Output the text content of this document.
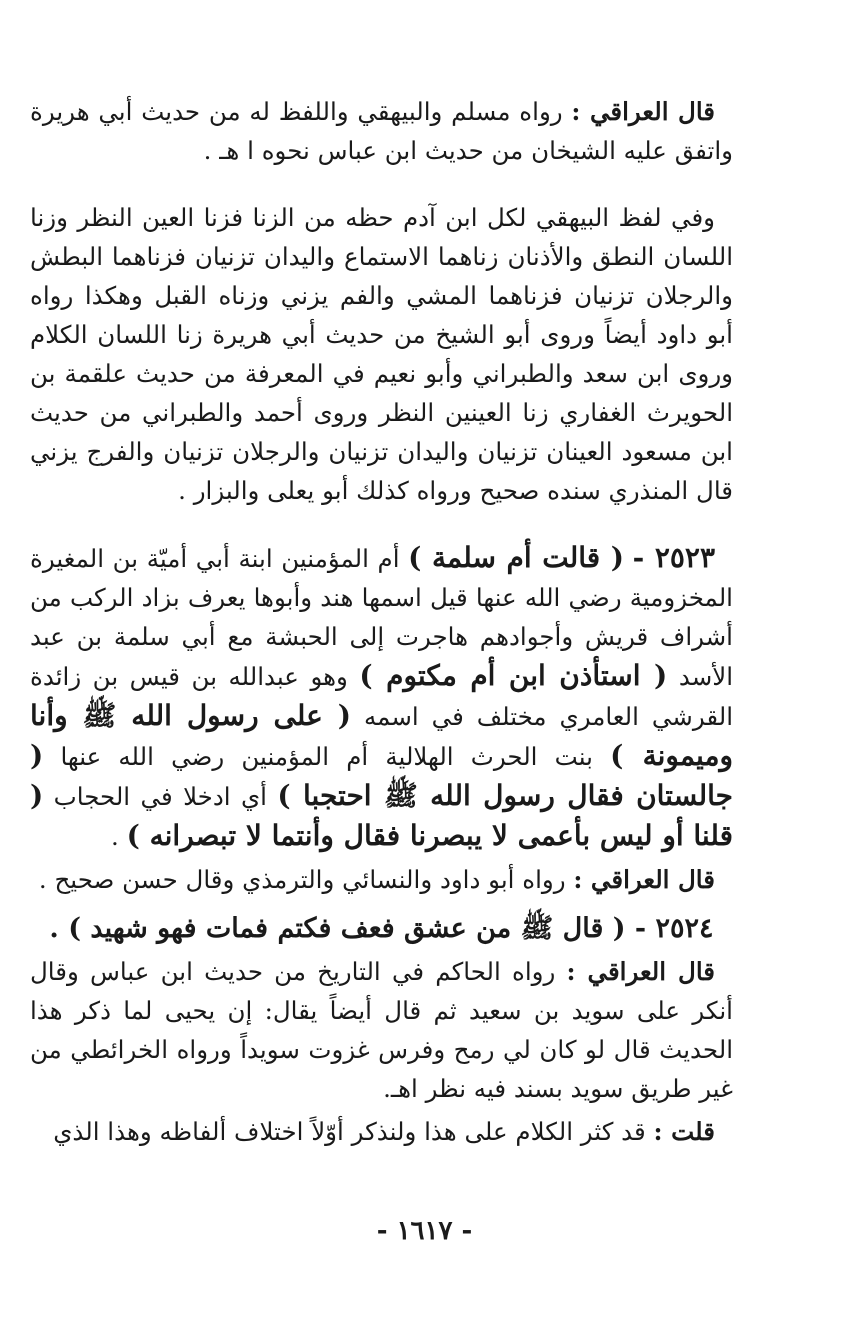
قال العراقي : رواه مسلم والبيهقي واللفظ له من حديث أبي هريرة واتفق عليه الشيخان من حديث ابن عباس نحوه ا هـ .

وفي لفظ البيهقي لكل ابن آدم حظه من الزنا فزنا العين النظر وزنا اللسان النطق والأذنان زناهما الاستماع واليدان تزنيان فزناهما البطش والرجلان تزنيان فزناهما المشي والفم يزني وزناه القبل وهكذا رواه أبو داود أيضاً وروى أبو الشيخ من حديث أبي هريرة زنا اللسان الكلام وروى ابن سعد والطبراني وأبو نعيم في المعرفة من حديث علقمة بن الحويرث الغفاري زنا العينين النظر وروى أحمد والطبراني من حديث ابن مسعود العينان تزنيان واليدان تزنيان والرجلان تزنيان والفرج يزني قال المنذري سنده صحيح ورواه كذلك أبو يعلى والبزار .

٢٥٢٣ - ( قالت أم سلمة ) أم المؤمنين ابنة أبي أميّة بن المغيرة المخزومية رضي الله عنها قيل اسمها هند وأبوها يعرف بزاد الركب من أشراف قريش وأجوادهم هاجرت إلى الحبشة مع أبي سلمة بن عبد الأسد ( استأذن ابن أم مكتوم ) وهو عبدالله بن قيس بن زائدة القرشي العامري مختلف في اسمه ( على رسول الله ﷺ وأنا وميمونة ) بنت الحرث الهلالية أم المؤمنين رضي الله عنها ( جالستان فقال رسول الله ﷺ احتجبا ) أي ادخلا في الحجاب ( قلنا أو ليس بأعمى لا يبصرنا فقال وأنتما لا تبصرانه ) .

قال العراقي : رواه أبو داود والنسائي والترمذي وقال حسن صحيح .

٢٥٢٤ - ( قال ﷺ من عشق فعف فكتم فمات فهو شهيد ) .

قال العراقي : رواه الحاكم في التاريخ من حديث ابن عباس وقال أنكر على سويد بن سعيد ثم قال أيضاً يقال: إن يحيى لما ذكر هذا الحديث قال لو كان لي رمح وفرس غزوت سويداً ورواه الخرائطي من غير طريق سويد بسند فيه نظر اهـ.

قلت : قد كثر الكلام على هذا ولنذكر أوّلاً اختلاف ألفاظه وهذا الذي

- ١٦١٧ -
